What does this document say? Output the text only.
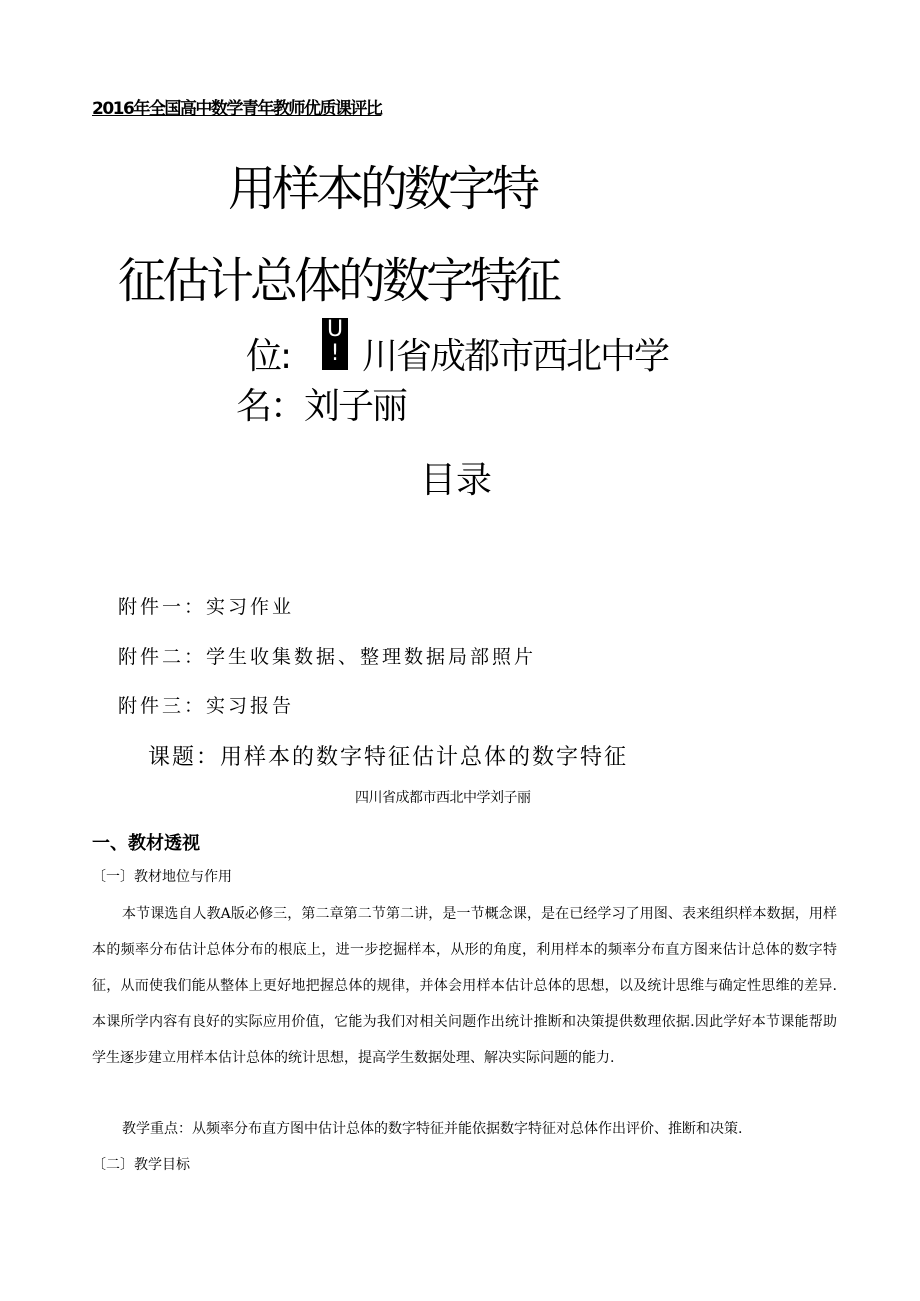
2016年全国高中数学青年教师优质课评比
用样本的数字特
征估计总体的数字特征
位:
U
! 川省成都市西北中学
名：刘子丽
目录
附件一：实习作业
附件二：学生收集数据、整理数据局部照片
附件三：实习报告
课题：用样本的数字特征估计总体的数字特征
四川省成都市西北中学刘子丽
一、教材透视
〔一〕教材地位与作用
本节课选自人教A版必修三，第二章第二节第二讲，是一节概念课，是在已经学习了用图、表来组织样本数据，用样本的频率分布估计总体分布的根底上，进一步挖掘样本，从形的角度，利用样本的频率分布直方图来估计总体的数字特征，从而使我们能从整体上更好地把握总体的规律，并体会用样本估计总体的思想，以及统计思维与确定性思维的差异.本课所学内容有良好的实际应用价值，它能为我们对相关问题作出统计推断和决策提供数理依据.因此学好本节课能帮助学生逐步建立用样本估计总体的统计思想，提高学生数据处理、解决实际问题的能力.
教学重点：从频率分布直方图中估计总体的数字特征并能依据数字特征对总体作出评价、推断和决策.
〔二〕教学目标
